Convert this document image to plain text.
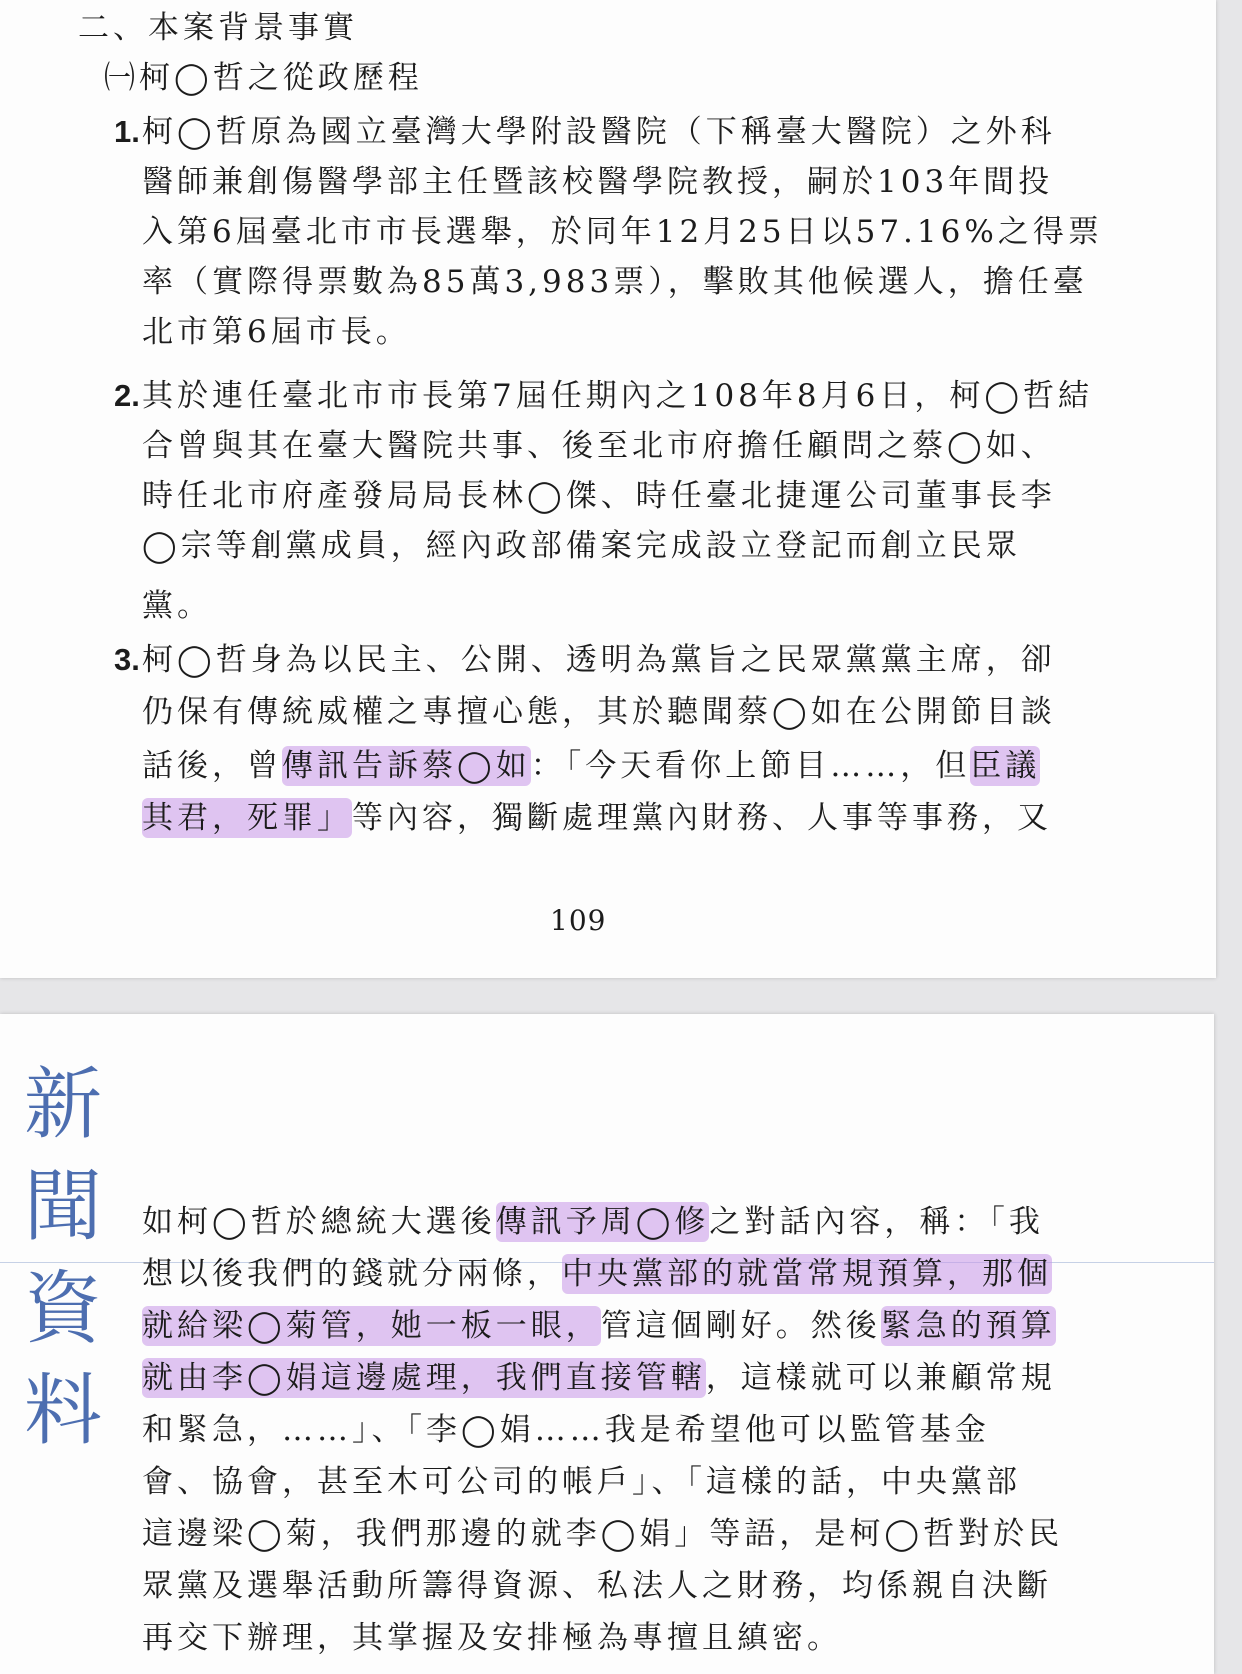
二、本案背景事實
㈠柯◯哲之從政歷程
1. 柯◯哲原為國立臺灣大學附設醫院（下稱臺大醫院）之外科
醫師兼創傷醫學部主任暨該校醫學院教授，嗣於103年間投
入第6屆臺北市市長選舉，於同年12月25日以57.16%之得票
率（實際得票數為85萬3,983票），擊敗其他候選人，擔任臺
北市第6屆市長。
2. 其於連任臺北市市長第7屆任期內之108年8月6日，柯◯哲結
合曾與其在臺大醫院共事、後至北市府擔任顧問之蔡◯如、
時任北市府產發局局長林◯傑、時任臺北捷運公司董事長李
◯宗等創黨成員，經內政部備案完成設立登記而創立民眾
黨。
3. 柯◯哲身為以民主、公開、透明為黨旨之民眾黨黨主席，卻
仍保有傳統威權之專擅心態，其於聽聞蔡◯如在公開節目談
話後，曾傳訊告訴蔡◯如：「今天看你上節目……，但臣議
其君，死罪」等內容，獨斷處理黨內財務、人事等事務，又
109
新
聞
資
料
如柯◯哲於總統大選後傳訊予周◯修之對話內容，稱：「我
想以後我們的錢就分兩條，中央黨部的就當常規預算，那個
就給梁◯菊管，她一板一眼，管這個剛好。然後緊急的預算
就由李◯娟這邊處理，我們直接管轄，這樣就可以兼顧常規
和緊急，……」、「李◯娟……我是希望他可以監管基金
會、協會，甚至木可公司的帳戶」、「這樣的話，中央黨部
這邊梁◯菊，我們那邊的就李◯娟」等語，是柯◯哲對於民
眾黨及選舉活動所籌得資源、私法人之財務，均係親自決斷
再交下辦理，其掌握及安排極為專擅且縝密。
